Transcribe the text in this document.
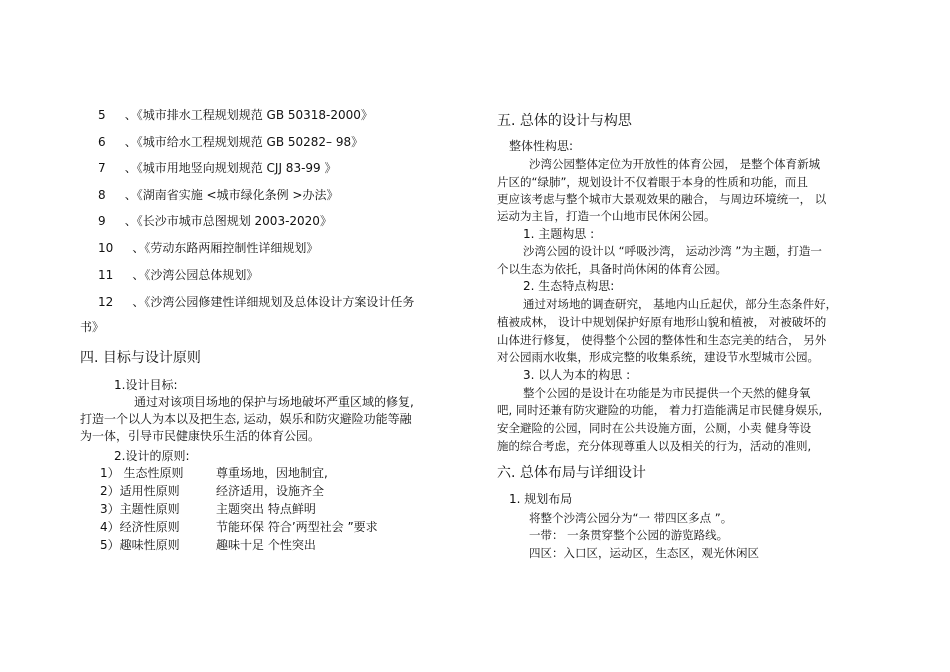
5 、《城市排水工程规划规范 GB 50318-2000》
6 、《城市给水工程规划规范 GB 50282– 98》
7 、《城市用地竖向规划规范 CJJ 83-99 》
8 、《湖南省实施 <城市绿化条例 >办法》
9 、《长沙市城市总图规划 2003-2020》
10 、《劳动东路两厢控制性详细规划》
11 、《沙湾公园总体规划》
12 、《沙湾公园修建性详细规划及总体设计方案设计任务
书》
四. 目标与设计原则
1.设计目标:
通过对该项目场地的保护与场地破坏严重区域的修复,
打造一个以人为本以及把生态, 运动，娱乐和防灾避险功能等融
为一体，引导市民健康快乐生活的体育公园。
2.设计的原则:
1） 生态性原则	尊重场地，因地制宜,
2）适用性原则	经济适用，设施齐全
3）主题性原则	主题突出 特点鲜明
4）经济性原则	节能环保 符合’两型社会 ”要求
5）趣味性原则	趣味十足 个性突出
五. 总体的设计与构思
整体性构思:
沙湾公园整体定位为开放性的体育公园， 是整个体育新城
片区的“绿肺”，规划设计不仅着眼于本身的性质和功能，而且
更应该考虑与整个城市大景观效果的融合， 与周边环境统一， 以
运动为主旨，打造一个山地市民休闲公园。
1. 主题构思 :
沙湾公园的设计以 “呼吸沙湾， 运动沙湾 ”为主题，打造一
个以生态为依托，具备时尚休闲的体育公园。
2. 生态特点构思:
通过对场地的调查研究， 基地内山丘起伏，部分生态条件好，
植被成林， 设计中规划保护好原有地形山貌和植被， 对被破坏的
山体进行修复， 使得整个公园的整体性和生态完美的结合， 另外
对公园雨水收集，形成完整的收集系统，建设节水型城市公园。
3. 以人为本的构思 :
整个公园的是设计在功能是为市民提供一个天然的健身氧
吧, 同时还兼有防灾避险的功能， 着力打造能满足市民健身娱乐,
安全避险的公园，同时在公共设施方面，公厕，小卖 健身等设
施的综合考虑，充分体现尊重人以及相关的行为，活动的准则,
六. 总体布局与详细设计
1. 规划布局
将整个沙湾公园分为“一 带四区多点 ”。
一带： 一条贯穿整个公园的游览路线。
四区：入口区，运动区，生态区，观光休闲区
